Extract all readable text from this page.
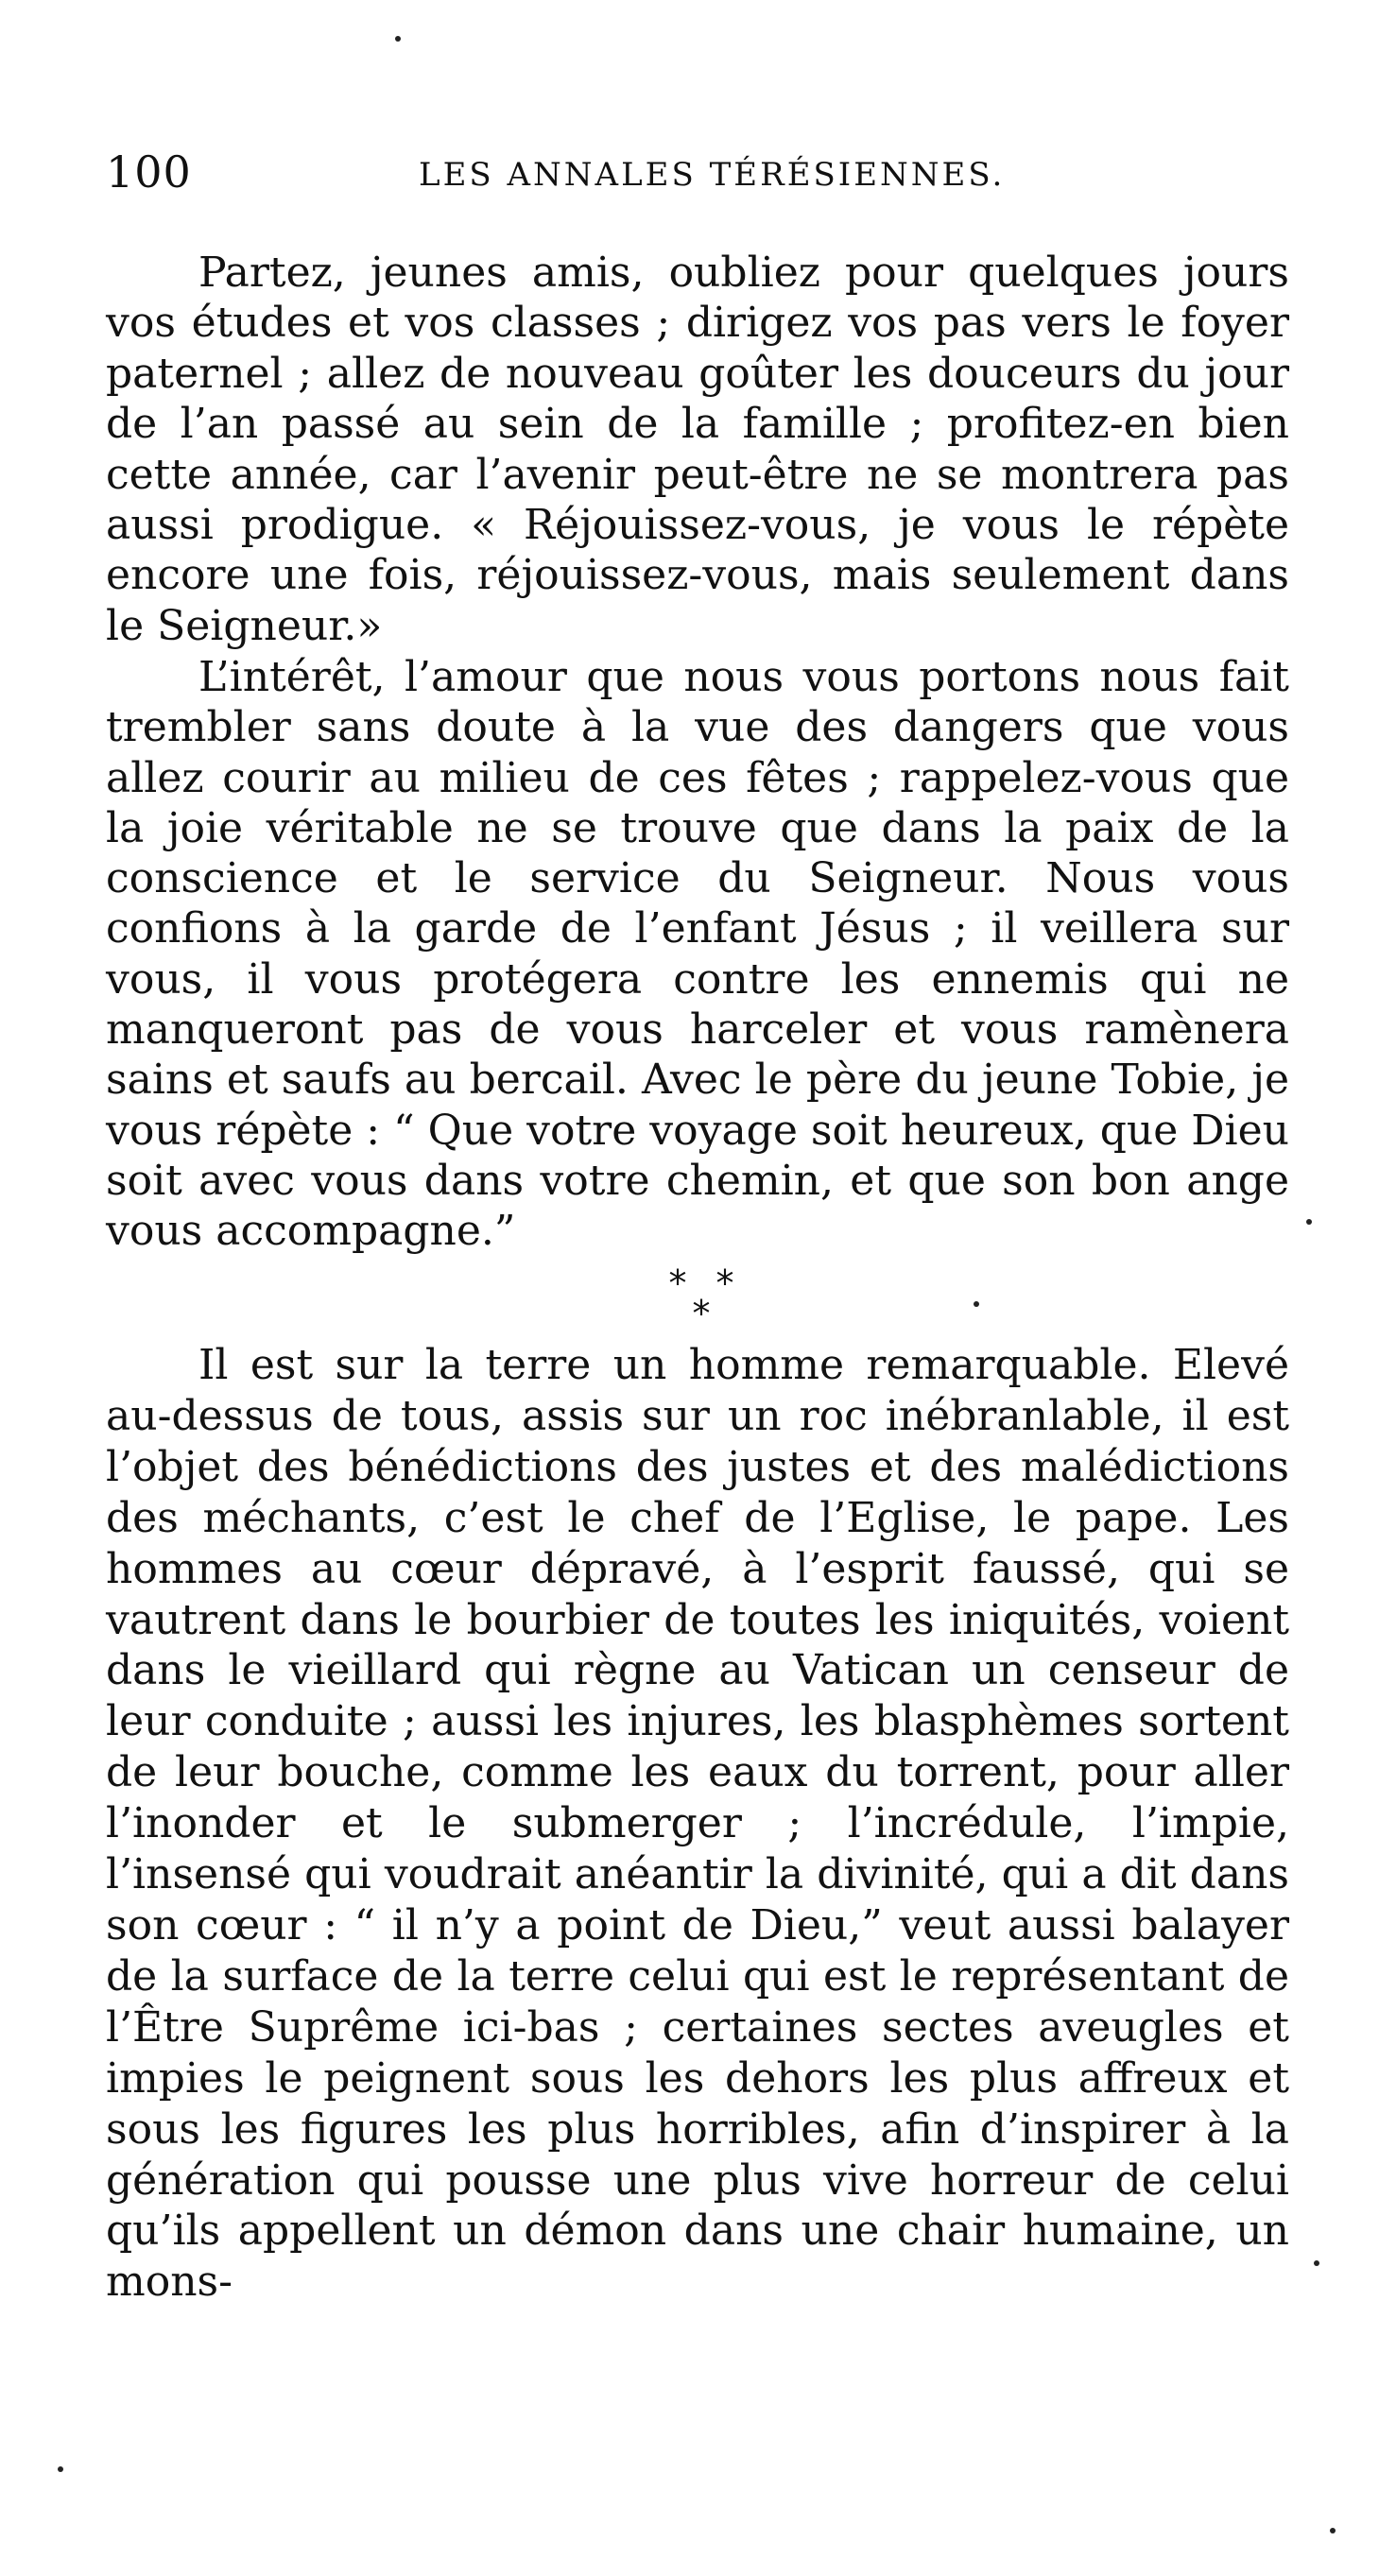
100	LES ANNALES TÉRÉSIENNES.

Partez, jeunes amis, oubliez pour quelques jours vos études et vos classes ; dirigez vos pas vers le foyer paternel ; allez de nouveau goûter les douceurs du jour de l’an passé au sein de la famille ; profitez-en bien cette année, car l’avenir peut-être ne se montrera pas aussi prodigue. « Réjouissez-vous, je vous le répète encore une fois, réjouissez-vous, mais seulement dans le Seigneur.»

L’intérêt, l’amour que nous vous portons nous fait trembler sans doute à la vue des dangers que vous allez courir au milieu de ces fêtes ; rappelez-vous que la joie véritable ne se trouve que dans la paix de la conscience et le service du Seigneur. Nous vous confions à la garde de l’enfant Jésus ; il veillera sur vous, il vous protégera contre les ennemis qui ne manqueront pas de vous harceler et vous ramènera sains et saufs au bercail. Avec le père du jeune Tobie, je vous répète : “ Que votre voyage soit heureux, que Dieu soit avec vous dans votre chemin, et que son bon ange vous accompagne.”

* *
*

Il est sur la terre un homme remarquable. Elevé au-dessus de tous, assis sur un roc inébranlable, il est l’objet des bénédictions des justes et des malédictions des méchants, c’est le chef de l’Eglise, le pape. Les hommes au cœur dépravé, à l’esprit faussé, qui se vautrent dans le bourbier de toutes les iniquités, voient dans le vieillard qui règne au Vatican un censeur de leur conduite ; aussi les injures, les blasphèmes sortent de leur bouche, comme les eaux du torrent, pour aller l’inonder et le submerger ; l’incrédule, l’impie, l’insensé qui voudrait anéantir la divinité, qui a dit dans son cœur : “ il n’y a point de Dieu,” veut aussi balayer de la surface de la terre celui qui est le représentant de l’Être Suprême ici-bas ; certaines sectes aveugles et impies le peignent sous les dehors les plus affreux et sous les figures les plus horribles, afin d’inspirer à la génération qui pousse une plus vive horreur de celui qu’ils appellent un démon dans une chair humaine, un mons-
